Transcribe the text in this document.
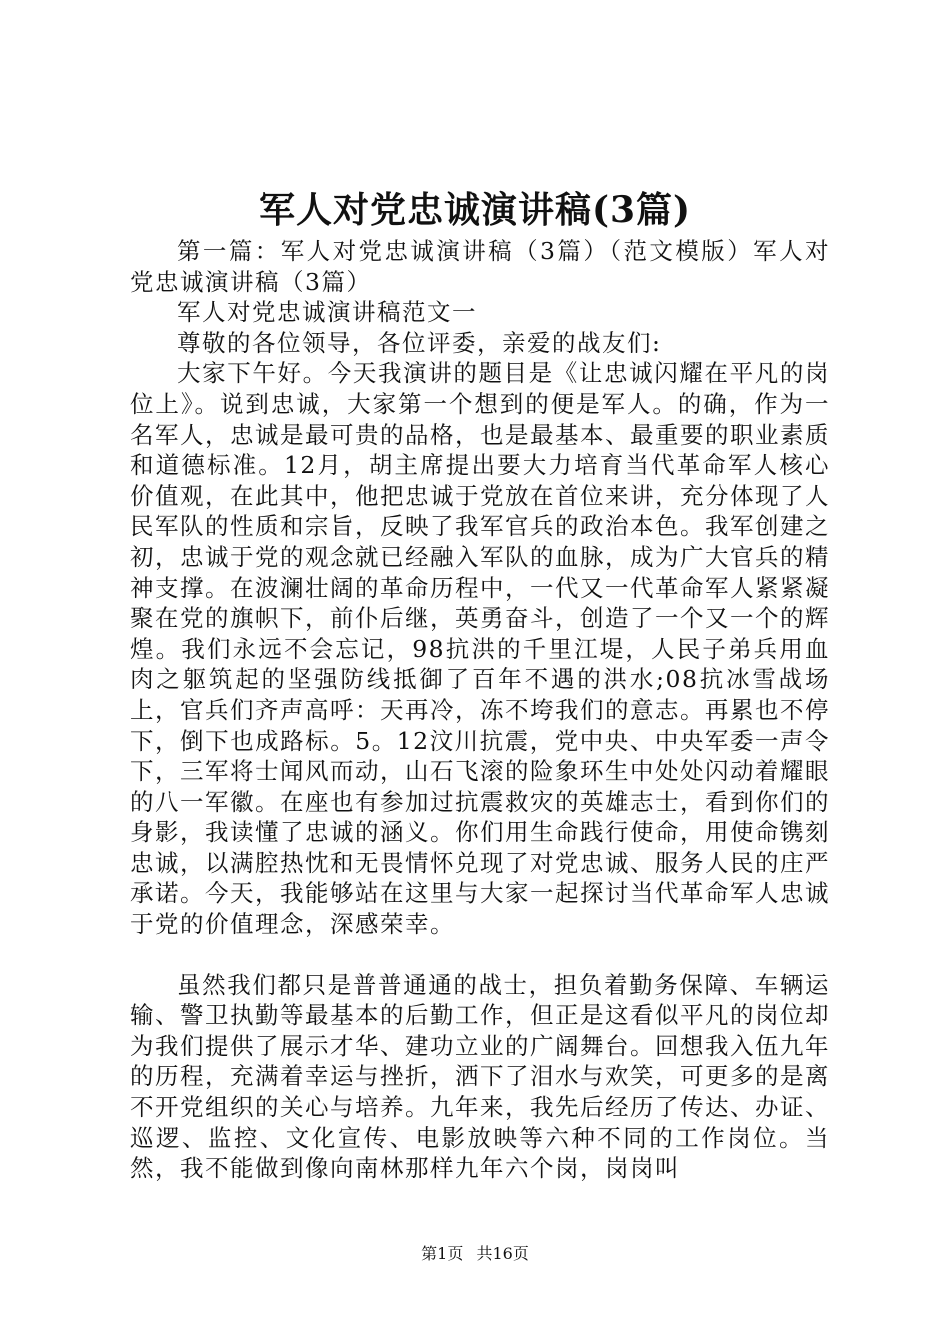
军人对党忠诚演讲稿(3篇)

第一篇：军人对党忠诚演讲稿（3篇）（范文模版）军人对党忠诚演讲稿（3篇）

军人对党忠诚演讲稿范文一

尊敬的各位领导，各位评委，亲爱的战友们:

大家下午好。今天我演讲的题目是《让忠诚闪耀在平凡的岗位上》。说到忠诚，大家第一个想到的便是军人。的确，作为一名军人，忠诚是最可贵的品格，也是最基本、最重要的职业素质和道德标准。12月，胡主席提出要大力培育当代革命军人核心价值观，在此其中，他把忠诚于党放在首位来讲，充分体现了人民军队的性质和宗旨，反映了我军官兵的政治本色。我军创建之初，忠诚于党的观念就已经融入军队的血脉，成为广大官兵的精神支撑。在波澜壮阔的革命历程中，一代又一代革命军人紧紧凝聚在党的旗帜下，前仆后继，英勇奋斗，创造了一个又一个的辉煌。我们永远不会忘记，98抗洪的千里江堤，人民子弟兵用血肉之躯筑起的坚强防线抵御了百年不遇的洪水;08抗冰雪战场上，官兵们齐声高呼：天再冷，冻不垮我们的意志。再累也不停下，倒下也成路标。5。12汶川抗震，党中央、中央军委一声令下，三军将士闻风而动，山石飞滚的险象环生中处处闪动着耀眼的八一军徽。在座也有参加过抗震救灾的英雄志士，看到你们的身影，我读懂了忠诚的涵义。你们用生命践行使命，用使命镌刻忠诚，以满腔热忱和无畏情怀兑现了对党忠诚、服务人民的庄严承诺。今天，我能够站在这里与大家一起探讨当代革命军人忠诚于党的价值理念，深感荣幸。

虽然我们都只是普普通通的战士，担负着勤务保障、车辆运输、警卫执勤等最基本的后勤工作，但正是这看似平凡的岗位却为我们提供了展示才华、建功立业的广阔舞台。回想我入伍九年的历程，充满着幸运与挫折，洒下了泪水与欢笑，可更多的是离不开党组织的关心与培养。九年来，我先后经历了传达、办证、巡逻、监控、文化宣传、电影放映等六种不同的工作岗位。当然，我不能做到像向南林那样九年六个岗，岗岗叫

第1页 共16页
